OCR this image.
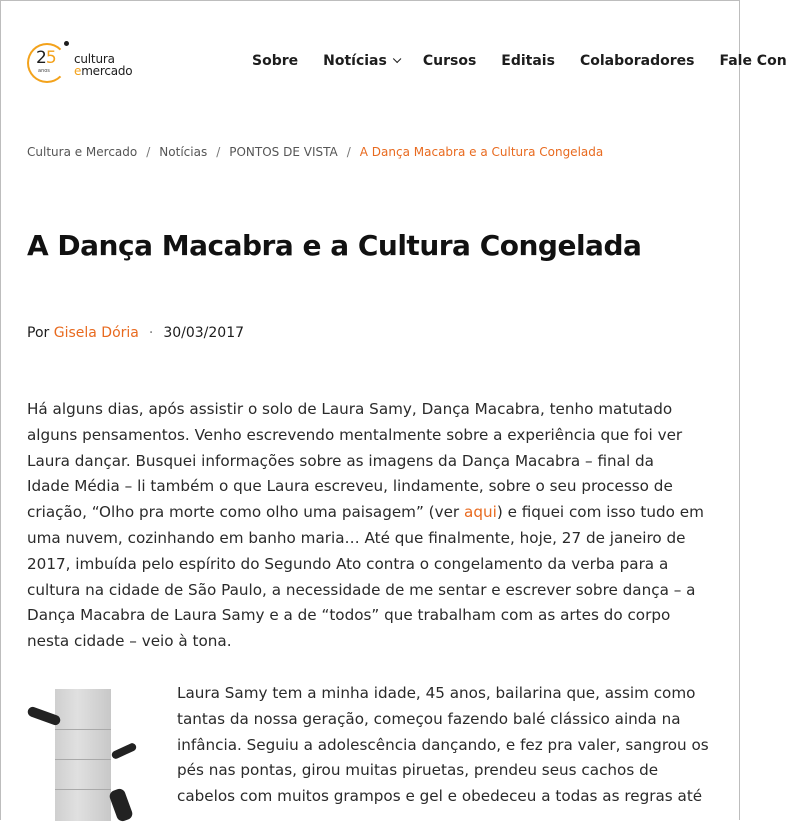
25
anos
cultura
emercado
Sobre Notícias	Cursos Editais Colaboradores Fale Con
Cultura e Mercado / Notícias / PONTOS DE VISTA / A Dança Macabra e a Cultura Congelada
A Dança Macabra e a Cultura Congelada
Por Gisela Dória · 30/03/2017
Há alguns dias, após assistir o solo de Laura Samy, Dança Macabra, tenho matutado
alguns pensamentos. Venho escrevendo mentalmente sobre a experiência que foi ver
Laura dançar. Busquei informações sobre as imagens da Dança Macabra – final da
Idade Média – li também o que Laura escreveu, lindamente, sobre o seu processo de
criação, “Olho pra morte como olho uma paisagem” (ver aqui) e fiquei com isso tudo em
uma nuvem, cozinhando em banho maria… Até que finalmente, hoje, 27 de janeiro de
2017, imbuída pelo espírito do Segundo Ato contra o congelamento da verba para a
cultura na cidade de São Paulo, a necessidade de me sentar e escrever sobre dança – a
Dança Macabra de Laura Samy e a de “todos” que trabalham com as artes do corpo
nesta cidade – veio à tona.
Laura Samy tem a minha idade, 45 anos, bailarina que, assim como
tantas da nossa geração, começou fazendo balé clássico ainda na
infância. Seguiu a adolescência dançando, e fez pra valer, sangrou os
pés nas pontas, girou muitas piruetas, prendeu seus cachos de
cabelos com muitos grampos e gel e obedeceu a todas as regras até
